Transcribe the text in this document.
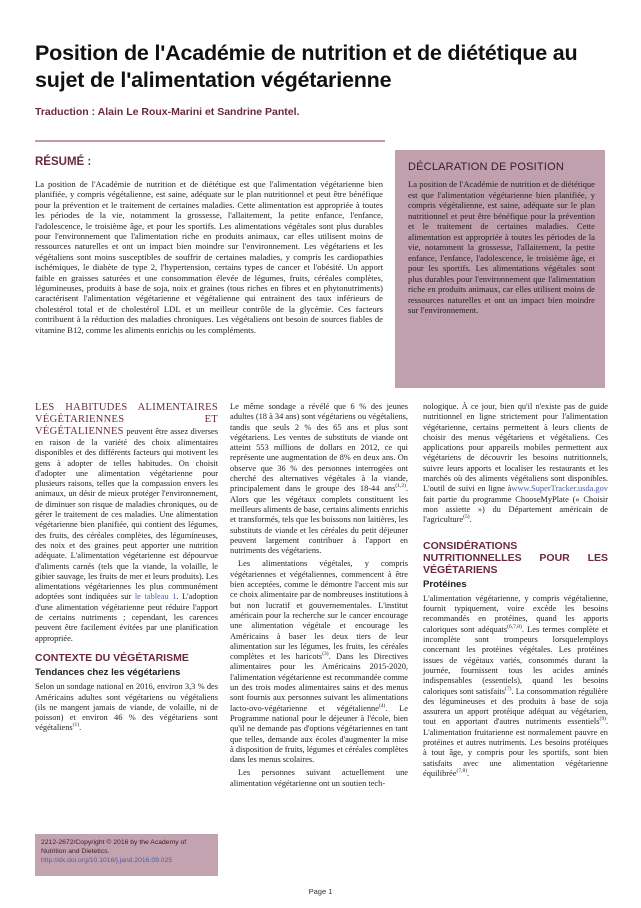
Position de l'Académie de nutrition et de diététique au sujet de l'alimentation végétarienne
Traduction : Alain Le Roux-Marini et Sandrine Pantel.
RÉSUMÉ :
La position de l'Académie de nutrition et de diététique est que l'alimentation végétarienne bien planifiée, y compris végétalienne, est saine, adéquate sur le plan nutritionnel et peut être bénéfique pour la prévention et le traitement de certaines maladies. Cette alimentation est appropriée à toutes les périodes de la vie, notamment la grossesse, l'allaitement, la petite enfance, l'enfance, l'adolescence, le troisième âge, et pour les sportifs. Les alimentations végétales sont plus durables pour l'environnement que l'alimentation riche en produits animaux, car elles utilisent moins de ressources naturelles et ont un impact bien moindre sur l'environnement. Les végétariens et les végétaliens sont moins susceptibles de souffrir de certaines maladies, y compris les cardiopathies ischémiques, le diabète de type 2, l'hypertension, certains types de cancer et l'obésité. Un apport faible en graisses saturées et une consommation élevée de légumes, fruits, céréales complètes, légumineuses, produits à base de soja, noix et graines (tous riches en fibres et en phytonutriments) caractérisent l'alimentation végétarienne et végétalienne qui entrainent des taux inférieurs de cholestérol total et de cholestérol LDL et un meilleur contrôle de la glycémie. Ces facteurs contribuent à la réduction des maladies chroniques. Les végétaliens ont besoin de sources fiables de vitamine B12, comme les aliments enrichis ou les compléments.
DÉCLARATION DE POSITION
La position de l'Académie de nutrition et de diététique est que l'alimentation végétarienne bien planifiée, y compris végétalienne, est saine, adéquate sur le plan nutritionnel et peut être bénéfique pour la prévention et le traitement de certaines maladies. Cette alimentation est appropriée à toutes les périodes de la vie, notamment la grossesse, l'allaitement, la petite enfance, l'enfance, l'adolescence, le troisième âge, et pour les sportifs. Les alimentations végétales sont plus durables pour l'environnement que l'alimentation riche en produits animaux, car elles utilisent moins de ressources naturelles et ont un impact bien moindre sur l'environnement.

LES HABITUDES ALIMENTAIRES VÉGÉTARIENNES ET VÉGÉTALIENNES peuvent être assez diverses en raison de la variété des choix alimentaires disponibles et des différents facteurs qui motivent les gens à adopter de telles habitudes. On choisit d'adopter une alimentation végétarienne pour plusieurs raisons, telles que la compassion envers les animaux, un désir de mieux protéger l'environnement, de diminuer son risque de maladies chroniques, ou de gérer le traitement de ces maladies. Une alimentation végétarienne bien planifiée, qui contient des légumes, des fruits, des céréales complètes, des légumineuses, des noix et des graines peut apporter une nutrition adéquate. L'alimentation végétarienne est dépourvue d'aliments carnés (tels que la viande, la volaille, le gibier sauvage, les fruits de mer et leurs produits). Les alimentations végétariennes les plus communément adoptées sont indiquées sur le tableau 1. L'adoption d'une alimentation végétarienne peut réduire l'apport de certains nutriments ; cependant, les carences peuvent être facilement évitées par une planification appropriée.

CONTEXTE DU VÉGÉTARISME
Tendances chez les végétariens

Selon un sondage national en 2016, environ 3,3 % des Américains adultes sont végétariens ou végétaliens (ils ne mangent jamais de viande, de volaille, ni de poisson) et environ 46 % des végétariens sont végétaliens$^{(1)}$.

2212-2672/Copyright © 2016 by the Academy of Nutrition and Dietetics.
http://dx.doi.org/10.1016/j.jand.2016.09.025

Le même sondage a révélé que 6 % des jeunes adultes (18 à 34 ans) sont végétariens ou végétaliens, tandis que seuls 2 % des 65 ans et plus sont végétariens. Les ventes de substituts de viande ont atteint 553 millions de dollars en 2012, ce qui représente une augmentation de 8% en deux ans. On observe que 36 % des personnes interrogées ont cherché des alternatives végétales à la viande, principalement dans le groupe des 18-44 ans$^{(1,2)}$. Alors que les végétaux complets constituent les meilleurs aliments de base, certains aliments enrichis et transformés, tels que les boissons non laitières, les substituts de viande et les céréales du petit déjeuner peuvent largement contribuer à l'apport en nutriments des végétariens.

Les alimentations végétales, y compris végétariennes et végétaliennes, commencent à être bien acceptées, comme le démontre l'accent mis sur ce choix alimentaire par de nombreuses institutions à but non lucratif et gouvernementales. L'institut américain pour la recherche sur le cancer encourage une alimentation végétale et encourage les Américains à baser les deux tiers de leur alimentation sur les légumes, les fruits, les céréales complètes et les haricots$^{(3)}$. Dans les Directives alimentaires pour les Américains 2015-2020, l'alimentation végétarienne est recommandée comme un des trois modes alimentaires sains et des menus sont fournis aux personnes suivant les alimentations lacto-ovo-végétarienne et végétalienne$^{(4)}$. Le Programme national pour le déjeuner à l'école, bien qu'il ne demande pas d'options végétariennes en tant que telles, demande aux écoles d'augmenter la mise à disposition de fruits, légumes et céréales complètes dans les menus scolaires.

Les personnes suivant actuellement une alimentation végétarienne ont un soutien tech-

nologique. À ce jour, bien qu'il n'existe pas de guide nutritionnel en ligne strictement pour l'alimentation végétarienne, certains permettent à leurs clients de choisir des menus végétariens et végétaliens. Ces applications pour appareils mobiles permettent aux végétariens de découvrir les besoins nutritionnels, suivre leurs apports et localiser les restaurants et les marchés où des aliments végétaliens sont disponibles. L'outil de suivi en ligne àwww.SuperTracker.usda.gov fait partie du programme ChooseMyPlate (« Choisir mon assiette ») du Département américain de l'agriculture$^{(5)}$.

CONSIDÉRATIONS NUTRITIONNELLES POUR LES VÉGÉTARIENS
Protéines

L'alimentation végétarienne, y compris végétalienne, fournit typiquement, voire excède les besoins recommandés en protéines, quand les apports caloriques sont adéquats$^{(6,7,8)}$. Les termes complète et incomplète sont trompeurs lorsquelemploys concernant les protéines végétales. Les protéines issues de végétaux variés, consommés durant la journée, fournissent tous les acides aminés indispensables (essentiels), quand les besoins caloriques sont satisfaits$^{(7)}$. La consommation régulière des légumineuses et des produits à base de soja assurera un apport protéique adéquat au végétarien, tout en apportant d'autres nutriments essentiels$^{(9)}$. L'alimentation fruitarienne est normalement pauvre en protéines et autres nutriments. Les besoins protéiques à tout âge, y compris pour les sportifs, sont bien satisfaits avec une alimentation végétarienne équilibrée$^{(7,8)}$.

Page 1
